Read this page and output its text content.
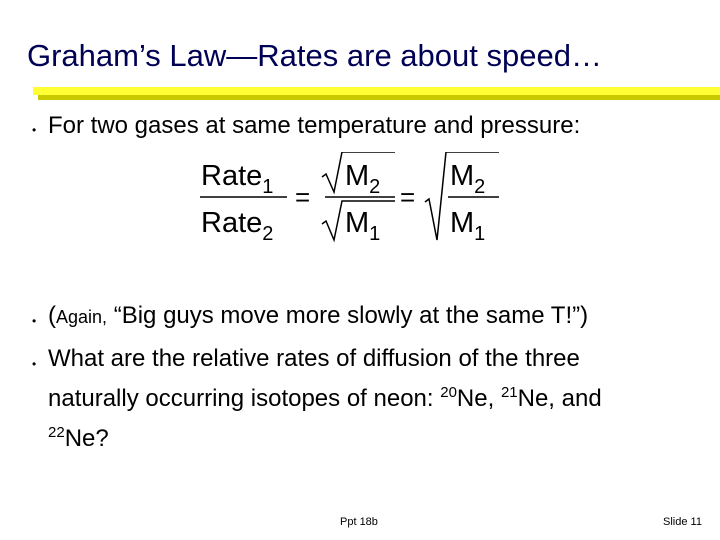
Graham’s Law—Rates are about speed…
• For two gases at same temperature and pressure:
Rate$_1$
Rate$_2$
=
$M_2$
$M_1$
=
$M_2$
$M_1$
• (Again, “Big guys move more slowly at the same T!”)
• What are the relative rates of diffusion of the three
naturally occurring isotopes of neon: $^{20}$Ne, $^{21}$Ne, and
$^{22}$Ne?
Ppt 18b	Slide 11
